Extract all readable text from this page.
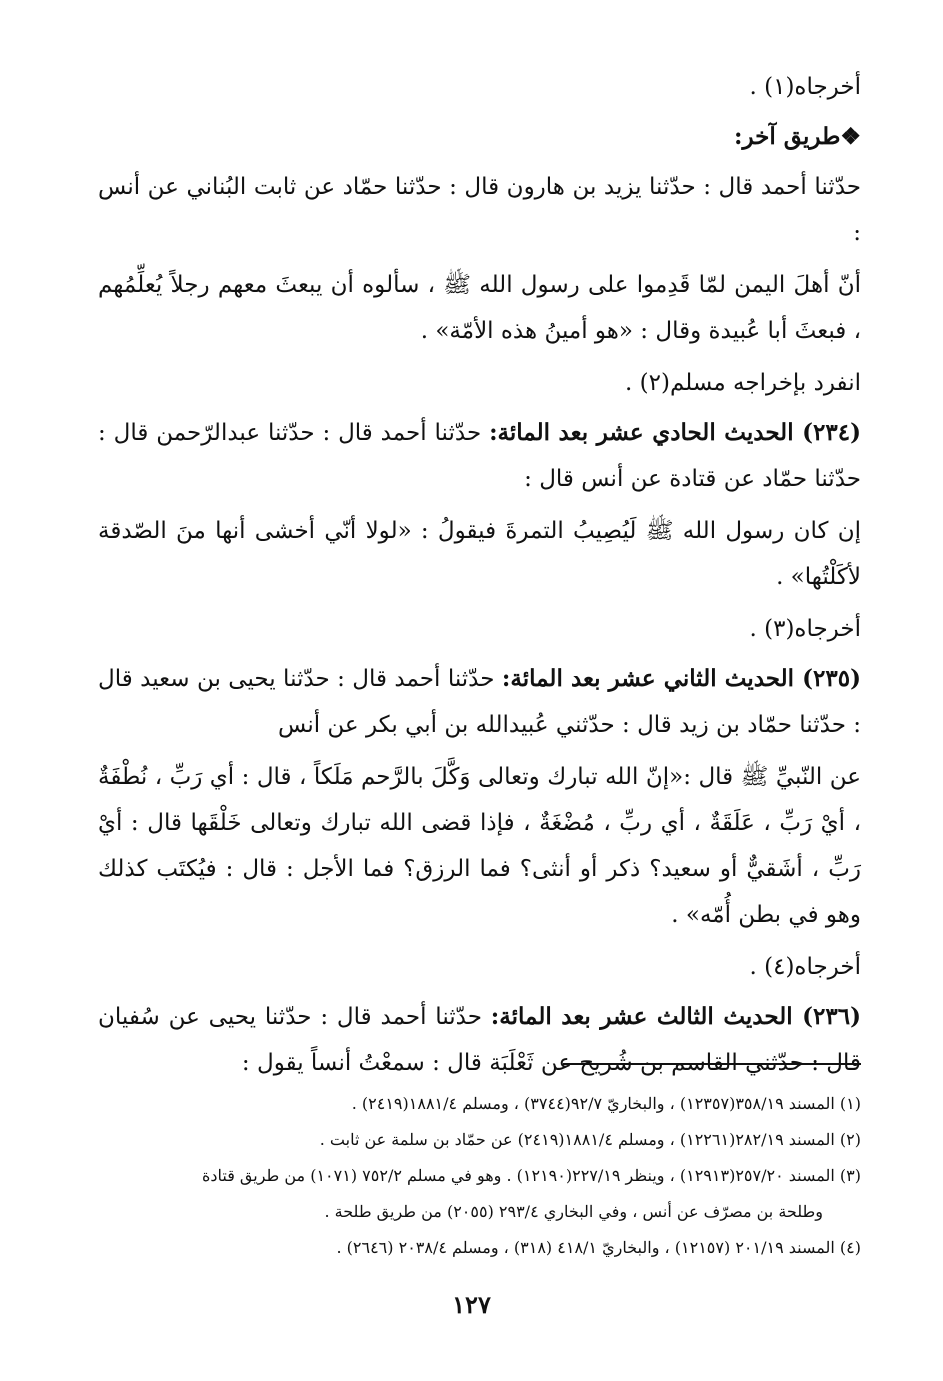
أخرجاه(١) .

❖طريق آخر:

حدّثنا أحمد قال : حدّثنا يزيد بن هارون قال : حدّثنا حمّاد عن ثابت البُناني عن أنس :

أنّ أهلَ اليمن لمّا قَدِموا على رسول الله ﷺ ، سألوه أن يبعثَ معهم رجلاً يُعلِّمُهم ، فبعثَ أبا عُبيدة وقال : «هو أمينُ هذه الأمّة» .

انفرد بإخراجه مسلم(٢) .

(٢٣٤) الحديث الحادي عشر بعد المائة: حدّثنا أحمد قال : حدّثنا عبدالرّحمن قال : حدّثنا حمّاد عن قتادة عن أنس قال :

إن كان رسول الله ﷺ لَيُصِيبُ التمرةَ فيقولُ : «لولا أنّي أخشى أنها منَ الصّدقة لأكَلْتُها» .

أخرجاه(٣) .

(٢٣٥) الحديث الثاني عشر بعد المائة: حدّثنا أحمد قال : حدّثنا يحيى بن سعيد قال : حدّثنا حمّاد بن زيد قال : حدّثني عُبيدالله بن أبي بكر عن أنس

عن النّبيِّ ﷺ قال :«إنّ الله تبارك وتعالى وَكَّلَ بالرَّحم مَلَكاً ، قال : أي رَبِّ ، نُطْفَةٌ ، أيْ رَبِّ ، عَلَقَةٌ ، أي ربِّ ، مُضْغَةٌ ، فإذا قضى الله تبارك وتعالى خَلْقَها قال : أيْ رَبِّ ، أشَقيٌّ أو سعيد؟ ذكر أو أنثى؟ فما الرزق؟ فما الأجل : قال : فيُكتَب كذلك وهو في بطن أُمّه» .

أخرجاه(٤) .

(٢٣٦) الحديث الثالث عشر بعد المائة: حدّثنا أحمد قال : حدّثنا يحيى عن سُفيان قال : حدّثني القاسم بن شُريح عن ثَعْلَبَة قال : سمعْتُ أنساً يقول :

(١) المسند ٣٥٨/١٩(١٢٣٥٧) ، والبخاريّ ٩٢/٧(٣٧٤٤) ، ومسلم ١٨٨١/٤(٢٤١٩) .

(٢) المسند ٢٨٢/١٩(١٢٢٦١) ، ومسلم ١٨٨١/٤(٢٤١٩) عن حمّاد بن سلمة عن ثابت .

(٣) المسند ٢٥٧/٢٠(١٢٩١٣) ، وينظر ٢٢٧/١٩(١٢١٩٠) . وهو في مسلم ٧٥٢/٢ (١٠٧١) من طريق قتادة

وطلحة بن مصرّف عن أنس ، وفي البخاري ٢٩٣/٤ (٢٠٥٥) من طريق طلحة .

(٤) المسند ٢٠١/١٩ (١٢١٥٧) ، والبخاريّ ٤١٨/١ (٣١٨) ، ومسلم ٢٠٣٨/٤ (٢٦٤٦) .

١٢٧
